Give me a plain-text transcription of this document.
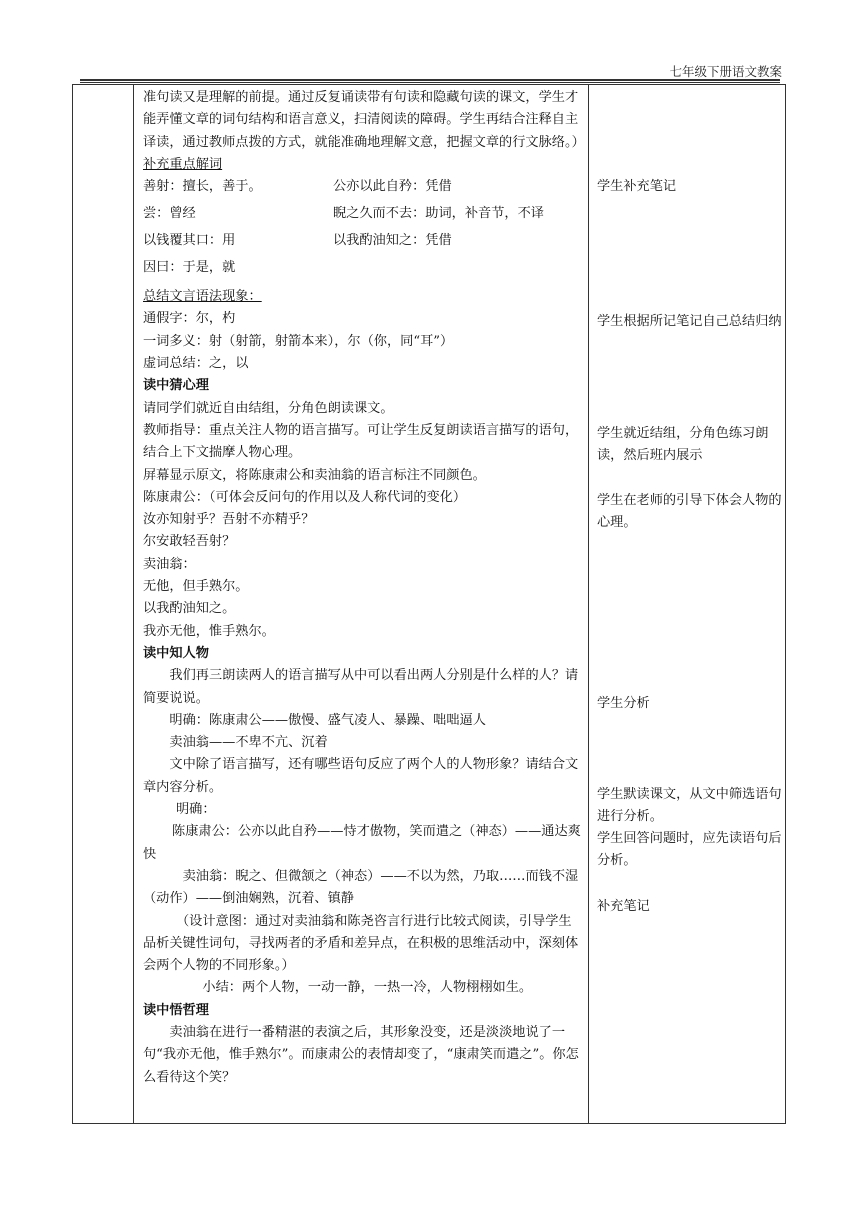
七年级下册语文教案

准句读又是理解的前提。通过反复诵读带有句读和隐藏句读的课文，学生才能弄懂文章的词句结构和语言意义，扫清阅读的障碍。学生再结合注释自主译读，通过教师点拨的方式，就能准确地理解文意，把握文章的行文脉络。）

补充重点解词

善射：擅长，善于。	公亦以此自矜：凭借
尝：曾经	睨之久而不去：助词，补音节，不译
以钱覆其口：用	以我酌油知之：凭借
因曰：于是，就

总结文言语法现象：

通假字：尔，杓

一词多义：射（射箭，射箭本来），尔（你，同“耳”）

虚词总结：之，以

读中猜心理

请同学们就近自由结组，分角色朗读课文。

教师指导：重点关注人物的语言描写。可让学生反复朗读语言描写的语句，结合上下文揣摩人物心理。

屏幕显示原文，将陈康肃公和卖油翁的语言标注不同颜色。

陈康肃公：（可体会反问句的作用以及人称代词的变化）

汝亦知射乎？吾射不亦精乎？

尔安敢轻吾射？

卖油翁：

无他，但手熟尔。

以我酌油知之。

我亦无他，惟手熟尔。

读中知人物

我们再三朗读两人的语言描写从中可以看出两人分别是什么样的人？请简要说说。

明确：陈康肃公——傲慢、盛气凌人、暴躁、咄咄逼人

卖油翁——不卑不亢、沉着

文中除了语言描写，还有哪些语句反应了两个人的人物形象？请结合文章内容分析。

明确：

陈康肃公：公亦以此自矜——恃才傲物，笑而遣之（神态）——通达爽快

卖油翁：睨之、但微颔之（神态）——不以为然，乃取……而钱不湿（动作）——倒油娴熟，沉着、镇静

（设计意图：通过对卖油翁和陈尧咨言行进行比较式阅读，引导学生品析关键性词句，寻找两者的矛盾和差异点，在积极的思维活动中，深刻体会两个人物的不同形象。）

小结：两个人物，一动一静，一热一冷，人物栩栩如生。

读中悟哲理

卖油翁在进行一番精湛的表演之后，其形象没变，还是淡淡地说了一句“我亦无他，惟手熟尔”。而康肃公的表情却变了，“康肃笑而遣之”。你怎么看待这个笑？

学生补充笔记
学生根据所记笔记自己总结归纳
学生就近结组，分角色练习朗读，然后班内展示
学生在老师的引导下体会人物的心理。
学生分析
学生默读课文，从文中筛选语句进行分析。
学生回答问题时，应先读语句后分析。
补充笔记
